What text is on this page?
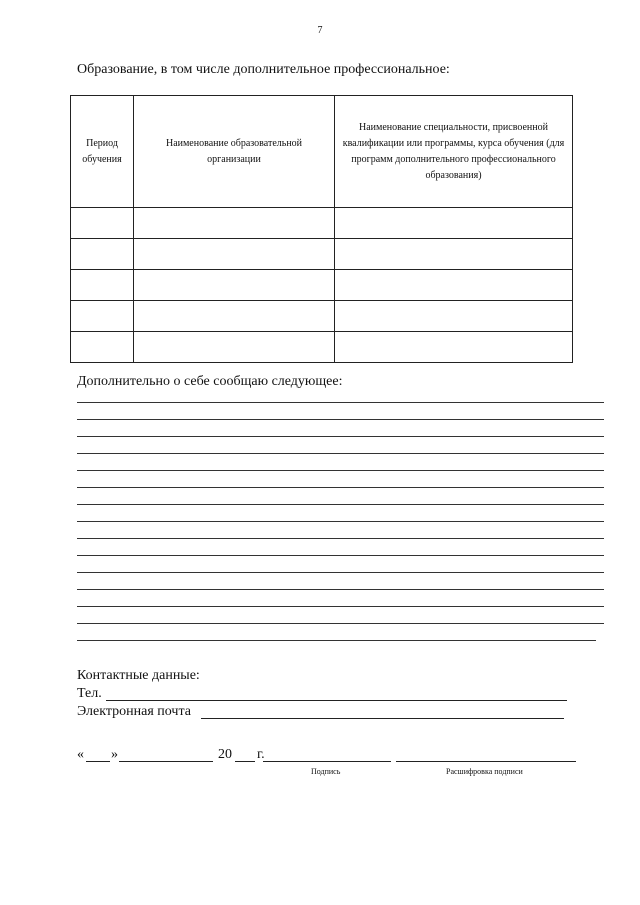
7
Образование, в том числе дополнительное профессиональное:
Период обучения	Наименование образовательной организации	Наименование специальности, присвоенной квалификации или программы, курса обучения (для программ дополнительного профессионального образования)

Дополнительно о себе сообщаю следующее:
Контактные данные:
Тел.
Электронная почта
« »	20 г.
Подпись	Расшифровка подписи
